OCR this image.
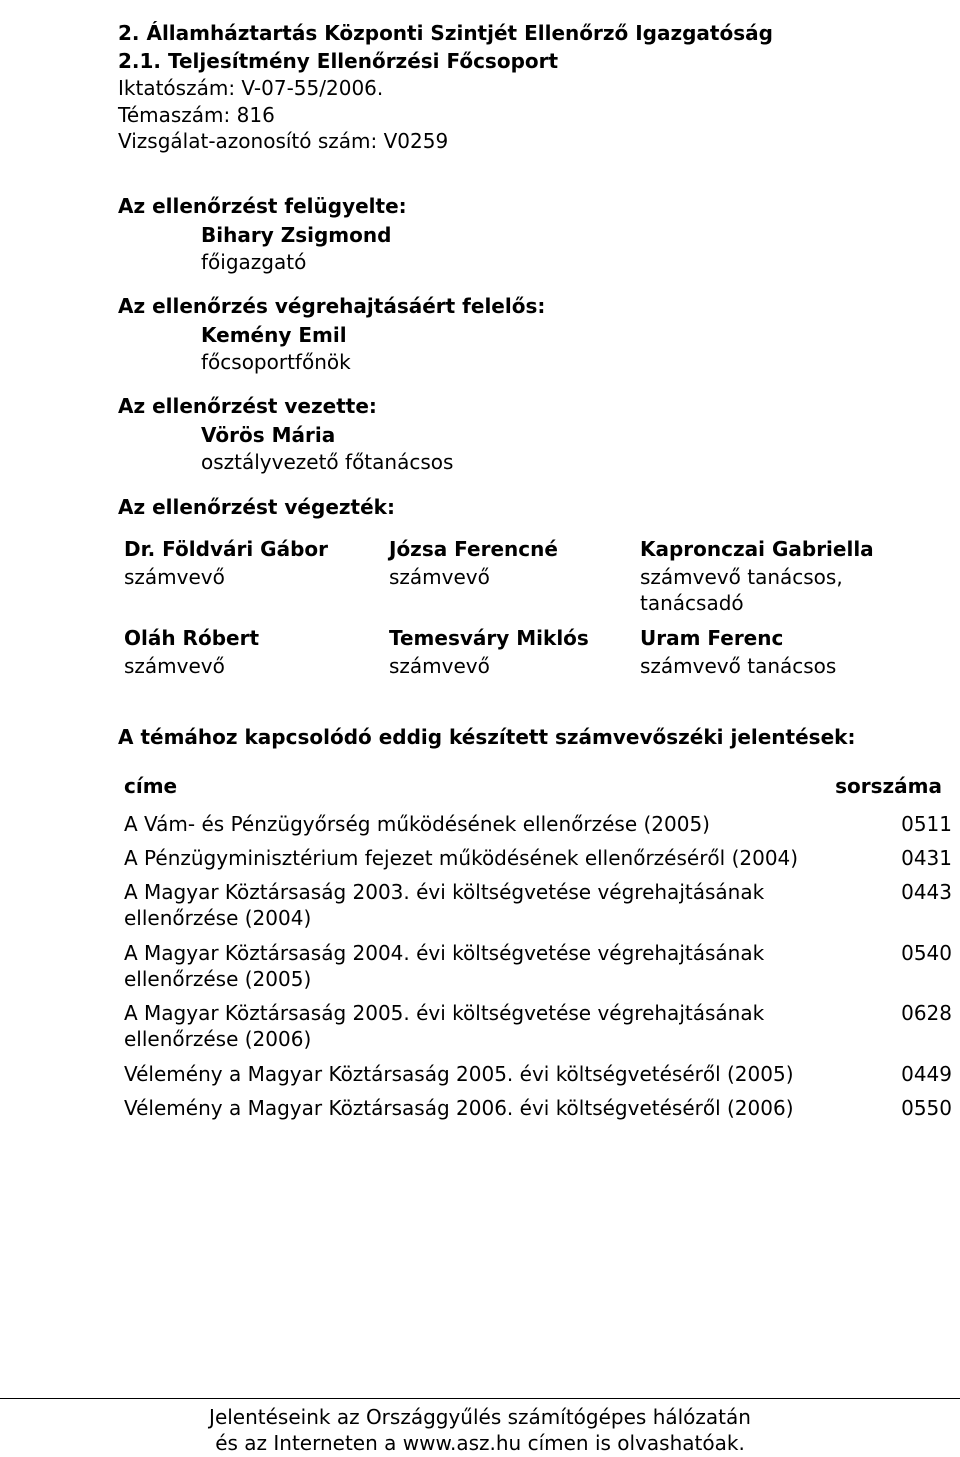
2. Államháztartás Központi Szintjét Ellenőrző Igazgatóság
2.1. Teljesítmény Ellenőrzési Főcsoport
Iktatószám: V-07-55/2006.
Témaszám: 816
Vizsgálat-azonosító szám: V0259
Az ellenőrzést felügyelte:
Bihary Zsigmond
főigazgató
Az ellenőrzés végrehajtásáért felelős:
Kemény Emil
főcsoportfőnök
Az ellenőrzést vezette:
Vörös Mária
osztályvezető főtanácsos
Az ellenőrzést végezték:
Dr. Földvári Gábor
számvevő
Józsa Ferencné
számvevő
Kapronczai Gabriella
számvevő tanácsos,
tanácsadó
Oláh Róbert
számvevő
Temesváry Miklós
számvevő
Uram Ferenc
számvevő tanácsos
A témához kapcsolódó eddig készített számvevőszéki jelentések:
címe	sorszáma
A Vám- és Pénzügyőrség működésének ellenőrzése (2005)	0511
A Pénzügyminisztérium fejezet működésének ellenőrzéséről (2004)	0431
A Magyar Köztársaság 2003. évi költségvetése végrehajtásának
ellenőrzése (2004)
0443
A Magyar Köztársaság 2004. évi költségvetése végrehajtásának
ellenőrzése (2005)
0540
A Magyar Köztársaság 2005. évi költségvetése végrehajtásának
ellenőrzése (2006)
0628
Vélemény a Magyar Köztársaság 2005. évi költségvetéséről (2005)	0449
Vélemény a Magyar Köztársaság 2006. évi költségvetéséről (2006)	0550
Jelentéseink az Országgyűlés számítógépes hálózatán
és az Interneten a www.asz.hu címen is olvashatóak.
